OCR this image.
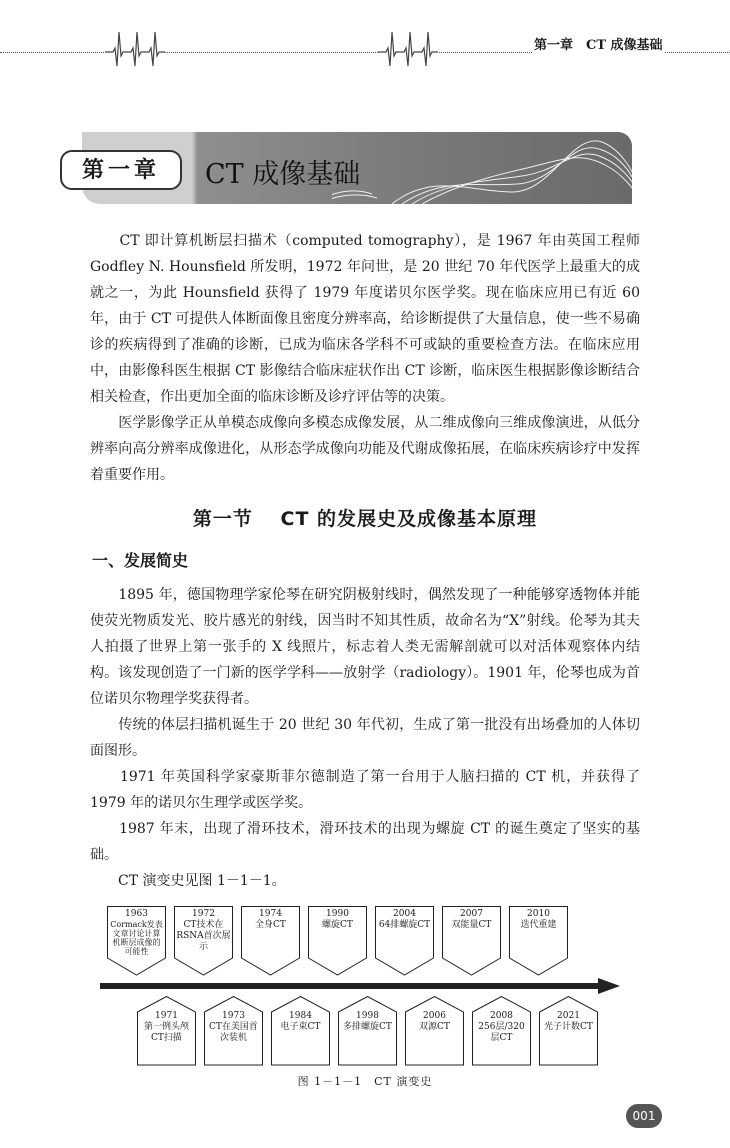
第一章　CT 成像基础
第一章	CT 成像基础

　　CT 即计算机断层扫描术（computed tomography），是 1967 年由英国工程师 Godfley N. Hounsfield 所发明，1972 年问世，是 20 世纪 70 年代医学上最重大的成就之一，为此 Hounsfield 获得了 1979 年度诺贝尔医学奖。现在临床应用已有近 60 年，由于 CT 可提供人体断面像且密度分辨率高，给诊断提供了大量信息，使一些不易确诊的疾病得到了准确的诊断，已成为临床各学科不可或缺的重要检查方法。在临床应用中，由影像科医生根据 CT 影像结合临床症状作出 CT 诊断，临床医生根据影像诊断结合相关检查，作出更加全面的临床诊断及诊疗评估等的决策。

　　医学影像学正从单模态成像向多模态成像发展，从二维成像向三维成像演进，从低分辨率向高分辨率成像进化，从形态学成像向功能及代谢成像拓展，在临床疾病诊疗中发挥着重要作用。

第一节　 CT 的发展史及成像基本原理
一、发展简史

　　1895 年，德国物理学家伦琴在研究阴极射线时，偶然发现了一种能够穿透物体并能使荧光物质发光、胶片感光的射线，因当时不知其性质，故命名为“X”射线。伦琴为其夫人拍摄了世界上第一张手的 X 线照片，标志着人类无需解剖就可以对活体观察体内结构。该发现创造了一门新的医学学科——放射学（radiology）。1901 年，伦琴也成为首位诺贝尔物理学奖获得者。

　　传统的体层扫描机诞生于 20 世纪 30 年代初，生成了第一批没有出场叠加的人体切面图形。

　　1971 年英国科学家豪斯菲尔德制造了第一台用于人脑扫描的 CT 机，并获得了 1979 年的诺贝尔生理学或医学奖。

　　1987 年末，出现了滑环技术，滑环技术的出现为螺旋 CT 的诞生奠定了坚实的基础。

　　CT 演变史见图 1－1－1。

1963
Cormack发表文章讨论计算机断层成像的可能性
1972
CT技术在RSNA首次展示
1974
全身CT
1990
螺旋CT
2004
64排螺旋CT
2007
双能量CT
2010
迭代重建
1971
第一例头颅CT扫描
1973
CT在美国首次装机
1984
电子束CT
1998
多排螺旋CT
2006
双源CT
2008
256层/320层CT
2021
光子计数CT
图 1－1－1　CT 演变史
001
